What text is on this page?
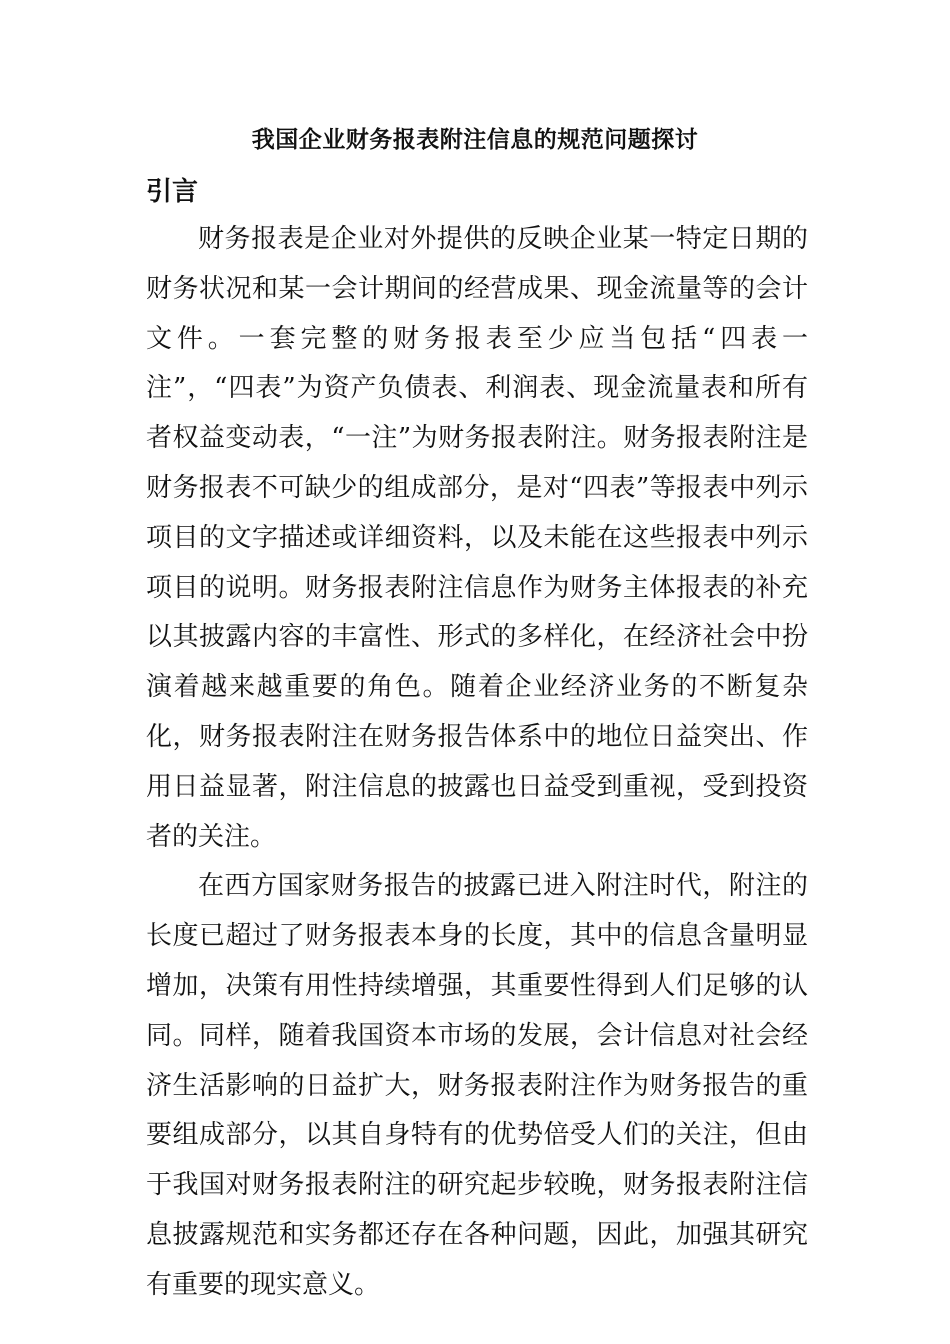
我国企业财务报表附注信息的规范问题探讨
引言

财务报表是企业对外提供的反映企业某一特定日期的财务状况和某一会计期间的经营成果、现金流量等的会计文件。一套完整的财务报表至少应当包括“四表一注”，“四表”为资产负债表、利润表、现金流量表和所有者权益变动表，“一注”为财务报表附注。财务报表附注是财务报表不可缺少的组成部分，是对“四表”等报表中列示项目的文字描述或详细资料，以及未能在这些报表中列示项目的说明。财务报表附注信息作为财务主体报表的补充以其披露内容的丰富性、形式的多样化，在经济社会中扮演着越来越重要的角色。随着企业经济业务的不断复杂化，财务报表附注在财务报告体系中的地位日益突出、作用日益显著，附注信息的披露也日益受到重视，受到投资者的关注。

在西方国家财务报告的披露已进入附注时代，附注的长度已超过了财务报表本身的长度，其中的信息含量明显增加，决策有用性持续增强，其重要性得到人们足够的认同。同样，随着我国资本市场的发展，会计信息对社会经济生活影响的日益扩大，财务报表附注作为财务报告的重要组成部分，以其自身特有的优势倍受人们的关注，但由于我国对财务报表附注的研究起步较晚，财务报表附注信息披露规范和实务都还存在各种问题，因此，加强其研究有重要的现实意义。
